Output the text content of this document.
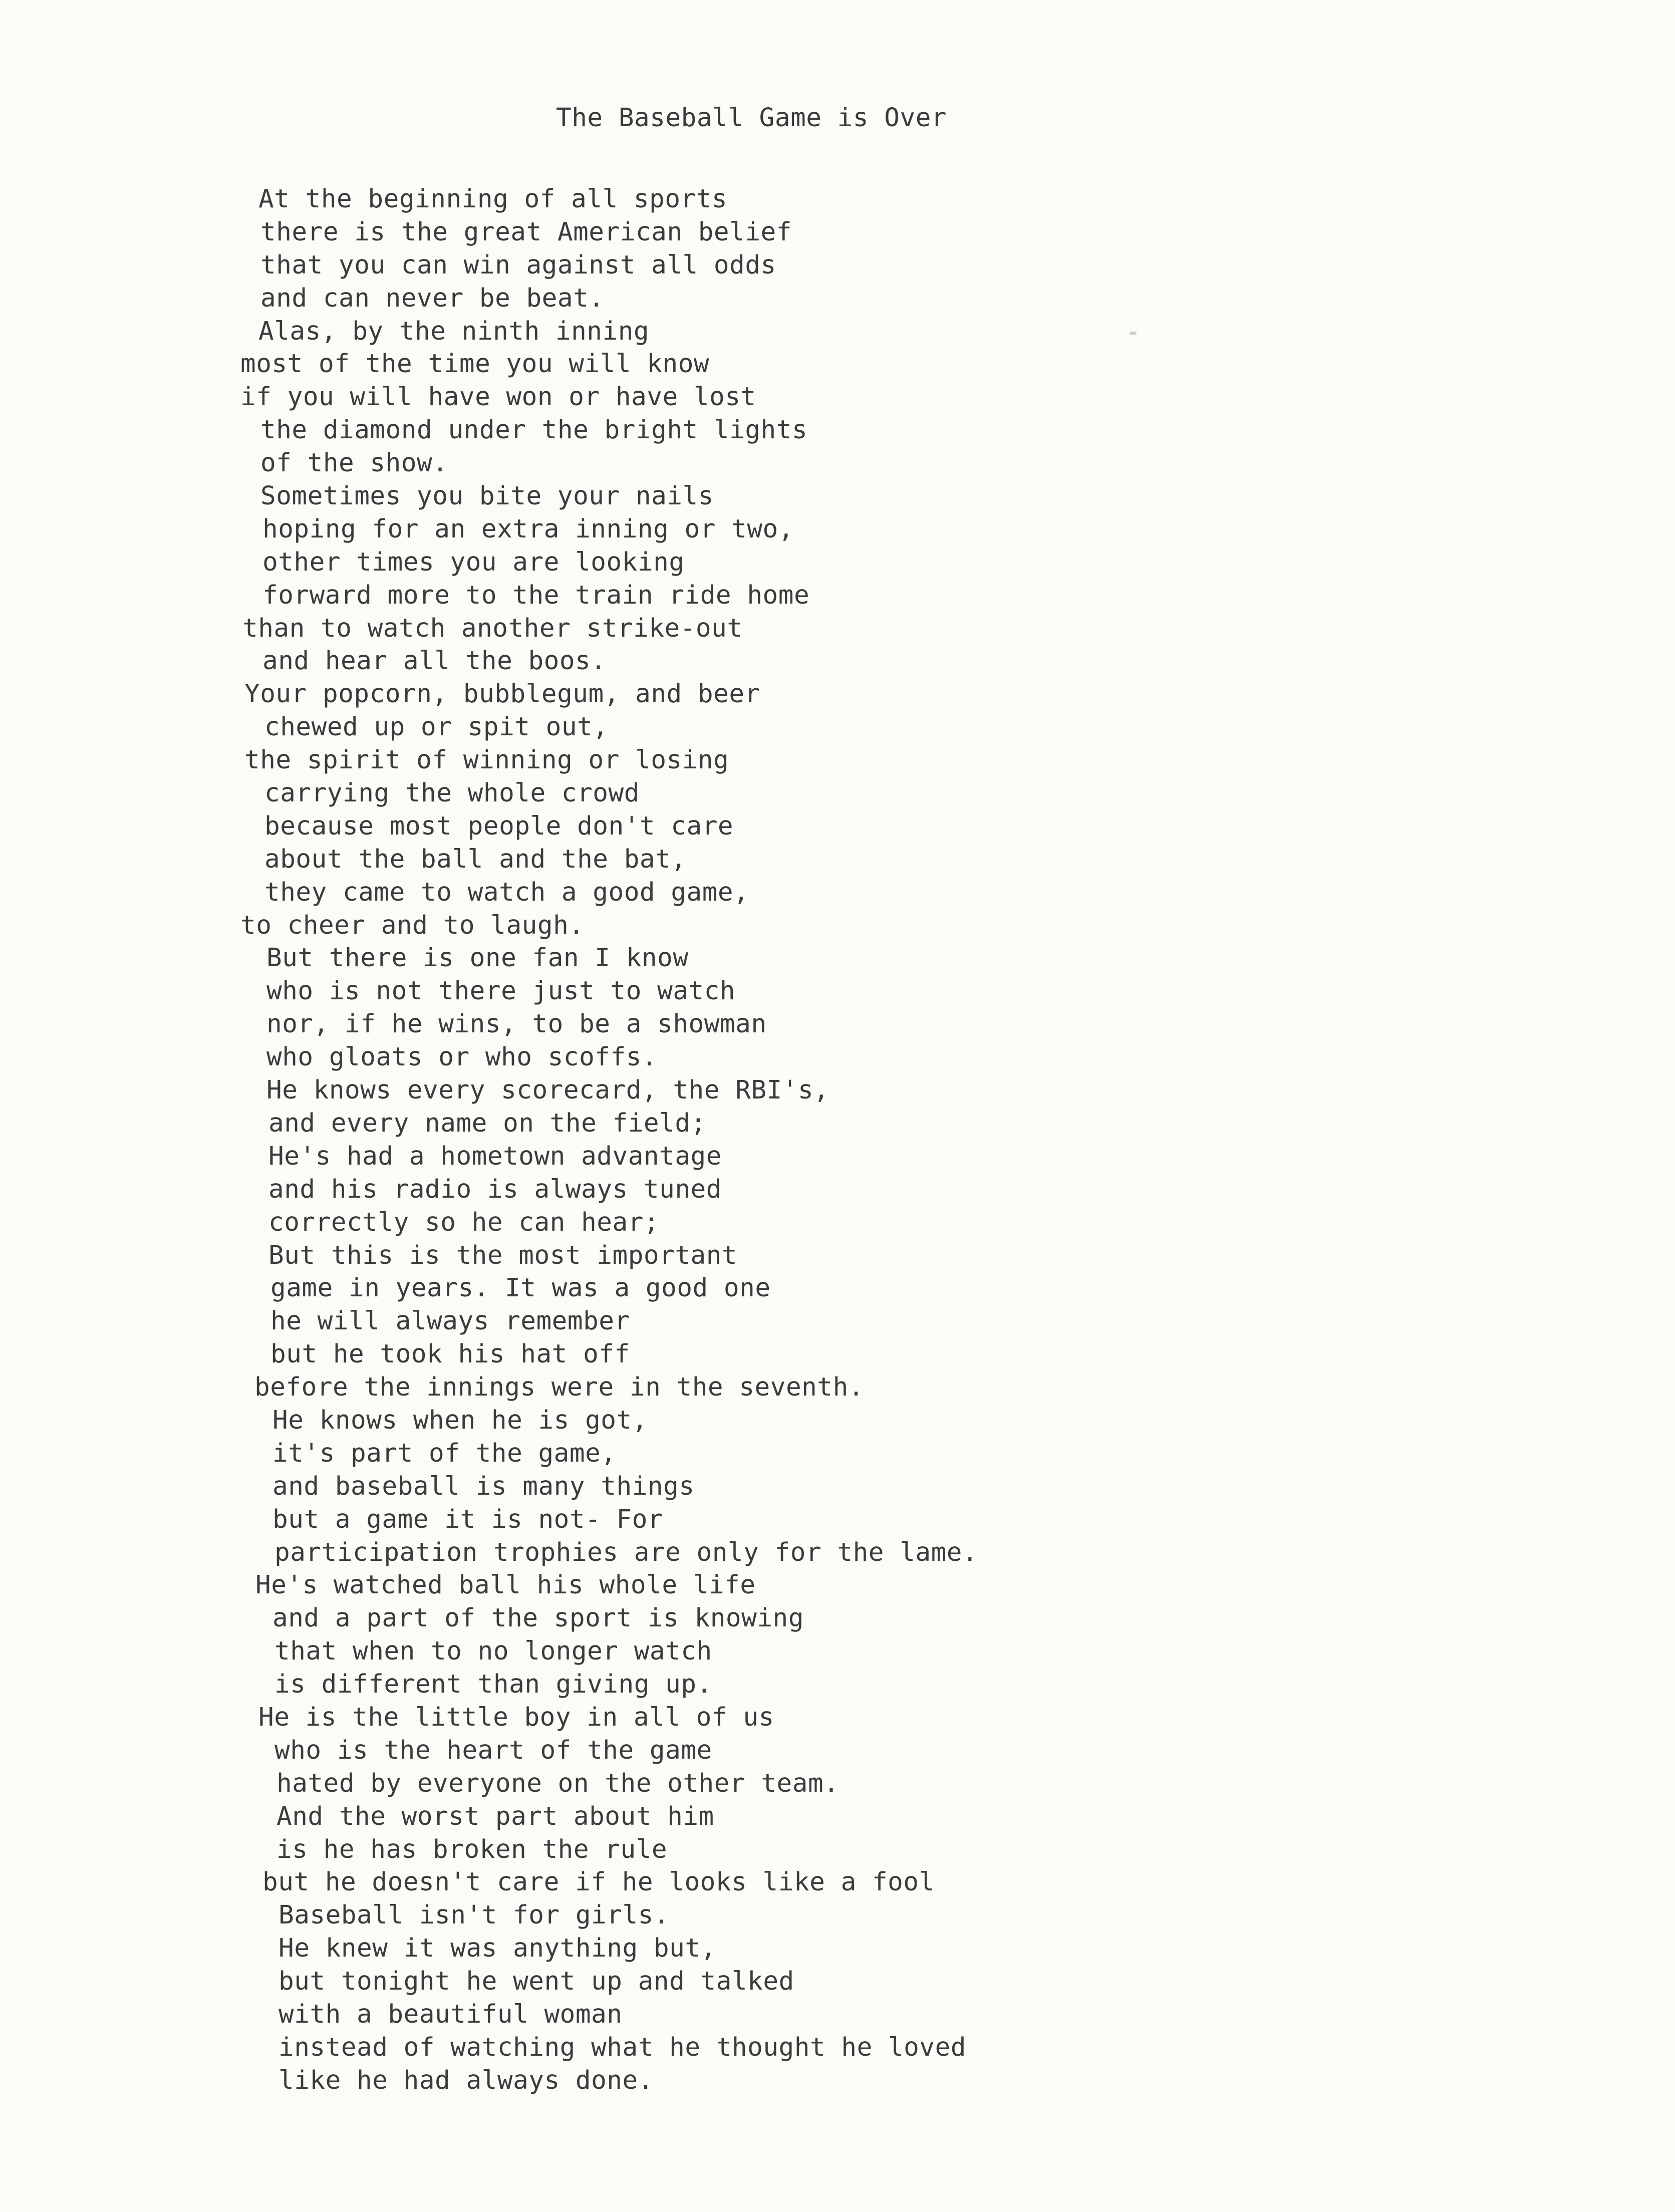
The Baseball Game is Over
At the beginning of all sports
there is the great American belief
that you can win against all odds
and can never be beat.
Alas, by the ninth inning
most of the time you will know
if you will have won or have lost
the diamond under the bright lights
of the show.
Sometimes you bite your nails
hoping for an extra inning or two,
other times you are looking
forward more to the train ride home
than to watch another strike-out
and hear all the boos.
Your popcorn, bubblegum, and beer
chewed up or spit out,
the spirit of winning or losing
carrying the whole crowd
because most people don't care
about the ball and the bat,
they came to watch a good game,
to cheer and to laugh.
But there is one fan I know
who is not there just to watch
nor, if he wins, to be a showman
who gloats or who scoffs.
He knows every scorecard, the RBI's,
and every name on the field;
He's had a hometown advantage
and his radio is always tuned
correctly so he can hear;
But this is the most important
game in years. It was a good one
he will always remember
but he took his hat off
before the innings were in the seventh.
He knows when he is got,
it's part of the game,
and baseball is many things
but a game it is not- For
participation trophies are only for the lame.
He's watched ball his whole life
and a part of the sport is knowing
that when to no longer watch
is different than giving up.
He is the little boy in all of us
who is the heart of the game
hated by everyone on the other team.
And the worst part about him
is he has broken the rule
but he doesn't care if he looks like a fool
Baseball isn't for girls.
He knew it was anything but,
but tonight he went up and talked
with a beautiful woman
instead of watching what he thought he loved
like he had always done.
